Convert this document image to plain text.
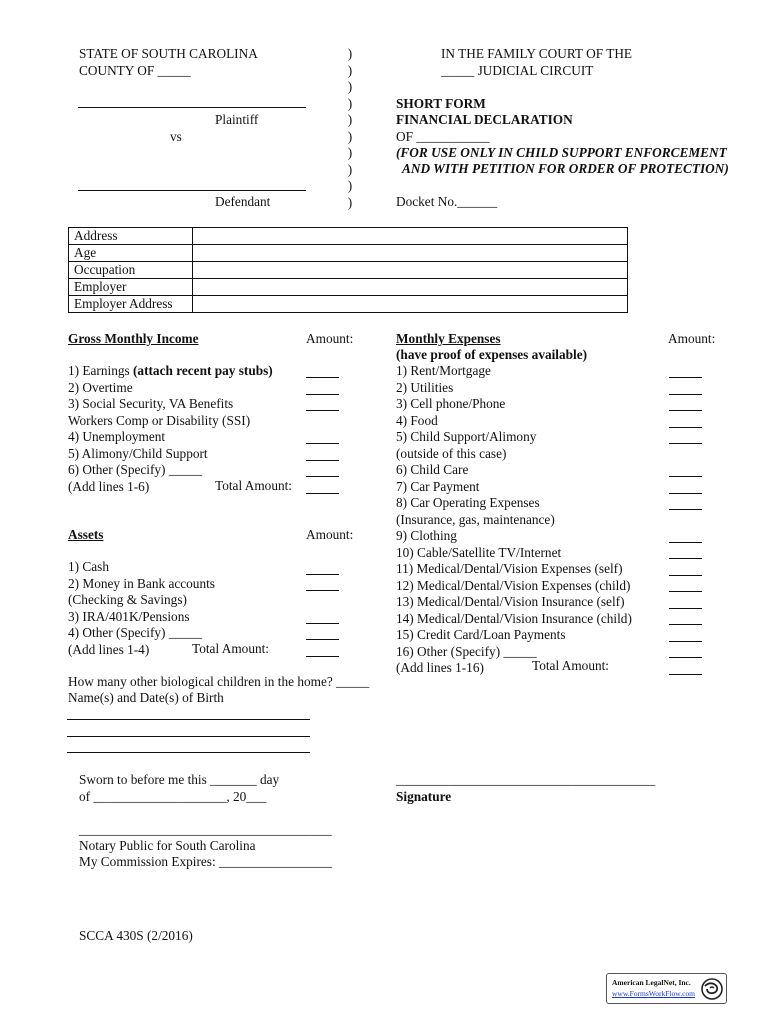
STATE OF SOUTH CAROLINA
COUNTY OF _____
Plaintiff
vs
Defendant
)
)
)
)
)
)
)
)
)
)
IN THE FAMILY COURT OF THE
_____ JUDICIAL CIRCUIT
SHORT FORM
FINANCIAL DECLARATION
OF ___________
(FOR USE ONLY IN CHILD SUPPORT ENFORCEMENT
AND WITH PETITION FOR ORDER OF PROTECTION)
Docket No.______
Address	
Age	
Occupation	
Employer	
Employer Address	
Gross Monthly Income	Amount:
1) Earnings (attach recent pay stubs)
2) Overtime
3) Social Security, VA Benefits
Workers Comp or Disability (SSI)
4) Unemployment
5) Alimony/Child Support
6) Other (Specify) _____
(Add lines 1-6)	Total Amount:
Assets	Amount:
1) Cash
2) Money in Bank accounts
(Checking & Savings)
3) IRA/401K/Pensions
4) Other (Specify) _____
(Add lines 1-4)	Total Amount:
Monthly Expenses
(have proof of expenses available)
Amount:
1) Rent/Mortgage
2) Utilities
3) Cell phone/Phone
4) Food
5) Child Support/Alimony
(outside of this case)
6) Child Care
7) Car Payment
8) Car Operating Expenses
(Insurance, gas, maintenance)
9) Clothing
10) Cable/Satellite TV/Internet
11) Medical/Dental/Vision Expenses (self)
12) Medical/Dental/Vision Expenses (child)
13) Medical/Dental/Vision Insurance (self)
14) Medical/Dental/Vision Insurance (child)
15) Credit Card/Loan Payments
16) Other (Specify) _____
(Add lines 1-16)	Total Amount:
How many other biological children in the home? _____
Name(s) and Date(s) of Birth
Sworn to before me this _______ day
of ____________________, 20___
_______________________________________
Signature
______________________________________
Notary Public for South Carolina
My Commission Expires: _________________
SCCA 430S (2/2016)
American LegalNet, Inc.
www.FormsWorkFlow.com
